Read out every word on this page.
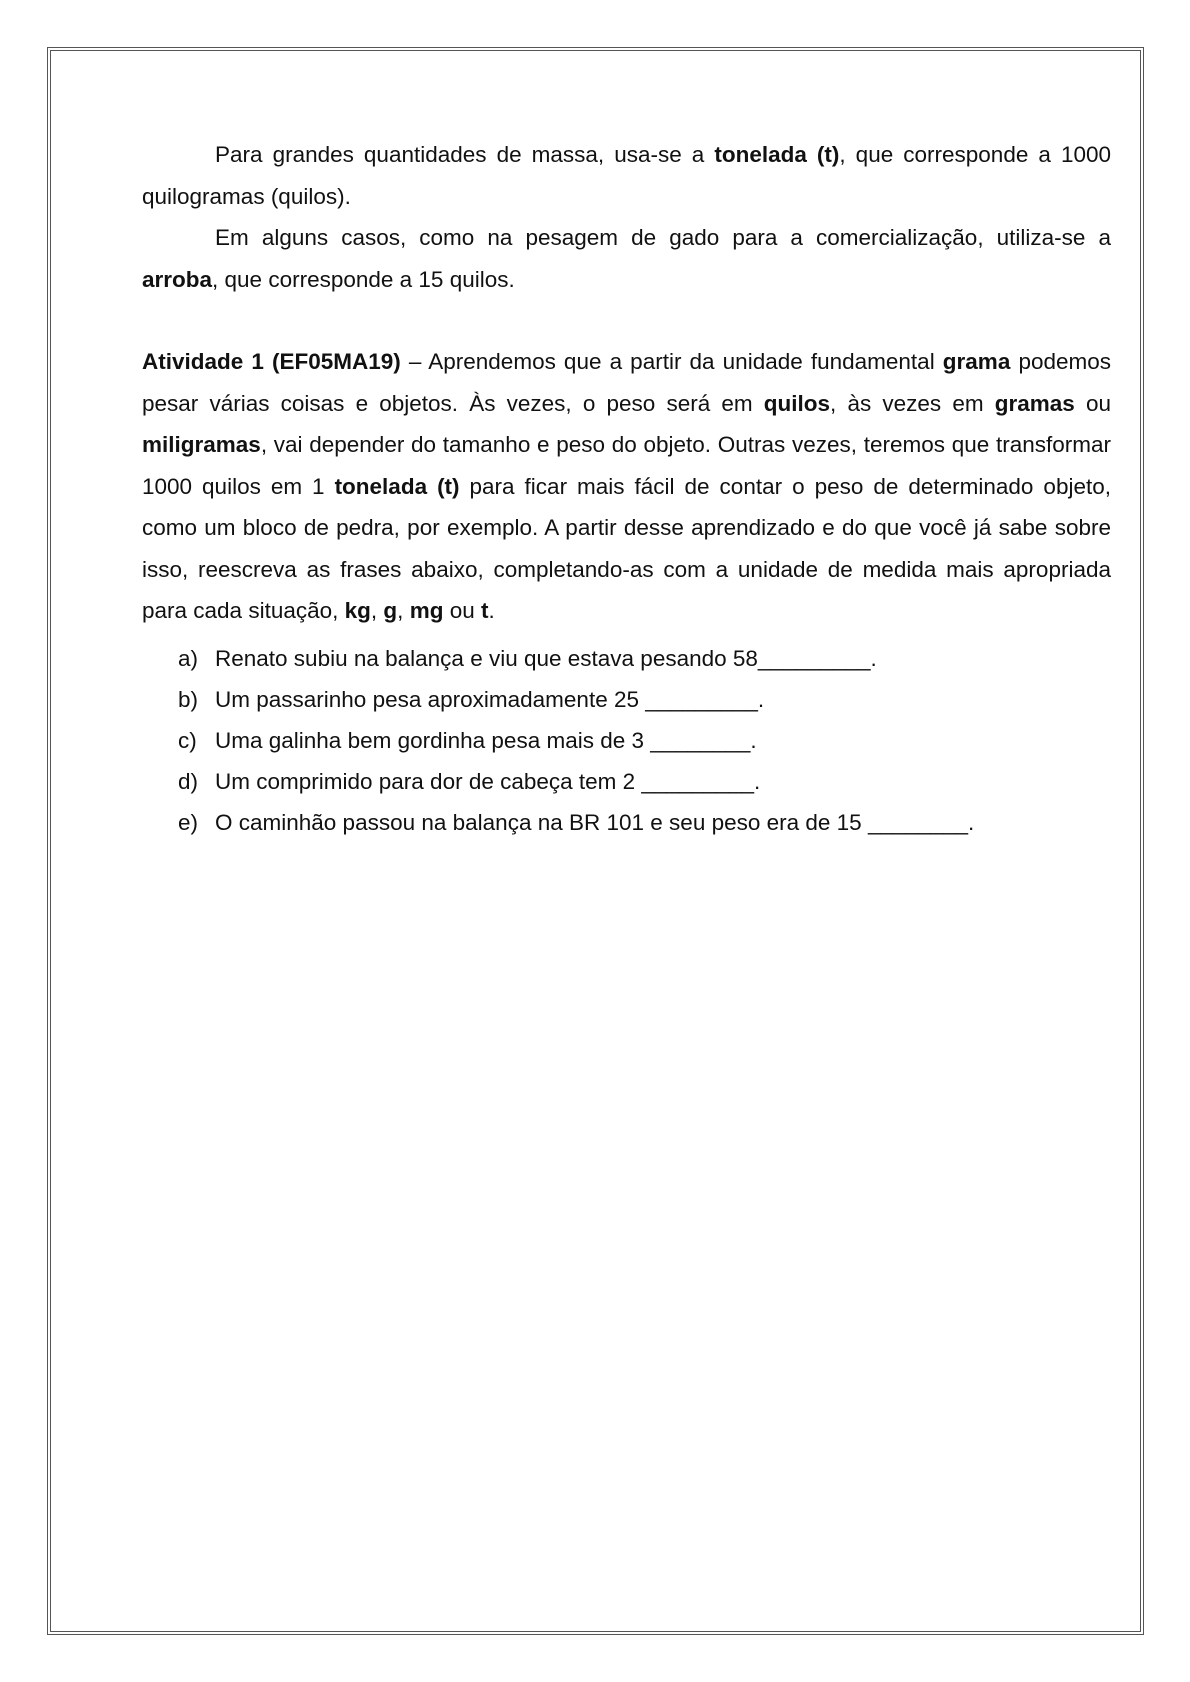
Para grandes quantidades de massa, usa-se a tonelada (t), que corresponde a 1000 quilogramas (quilos).

Em alguns casos, como na pesagem de gado para a comercialização, utiliza-se a arroba, que corresponde a 15 quilos.

Atividade 1 (EF05MA19) – Aprendemos que a partir da unidade fundamental grama podemos pesar várias coisas e objetos. Às vezes, o peso será em quilos, às vezes em gramas ou miligramas, vai depender do tamanho e peso do objeto. Outras vezes, teremos que transformar 1000 quilos em 1 tonelada (t) para ficar mais fácil de contar o peso de determinado objeto, como um bloco de pedra, por exemplo. A partir desse aprendizado e do que você já sabe sobre isso, reescreva as frases abaixo, completando-as com a unidade de medida mais apropriada para cada situação, kg, g, mg ou t.

a) Renato subiu na balança e viu que estava pesando 58_________.
b) Um passarinho pesa aproximadamente 25 _________.
c) Uma galinha bem gordinha pesa mais de 3 ________.
d) Um comprimido para dor de cabeça tem 2 _________.
e) O caminhão passou na balança na BR 101 e seu peso era de 15 ________.
